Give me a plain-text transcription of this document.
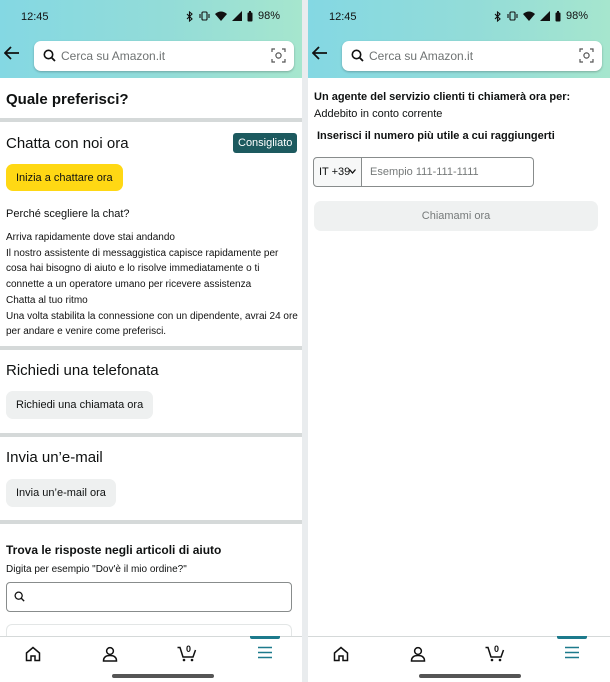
12:45	98%
Cerca su Amazon.it
Quale preferisci?
Chatta con noi ora	Consigliato
Inizia a chattare ora
Perché scegliere la chat?
Arriva rapidamente dove stai andando
Il nostro assistente di messaggistica capisce rapidamente per cosa hai bisogno di aiuto e lo risolve immediatamente o ti connette a un operatore umano per ricevere assistenza
Chatta al tuo ritmo
Una volta stabilita la connessione con un dipendente, avrai 24 ore per andare e venire come preferisci.
Richiedi una telefonata
Richiedi una chiamata ora
Invia un’e-mail
Invia un’e-mail ora
Trova le risposte negli articoli di aiuto
Digita per esempio "Dov'è il mio ordine?"
0
12:45	98%
Cerca su Amazon.it
Un agente del servizio clienti ti chiamerà ora per:
Addebito in conto corrente
Inserisci il numero più utile a cui raggiungerti
IT +39
Esempio 111-111-1111
Chiamami ora
0
